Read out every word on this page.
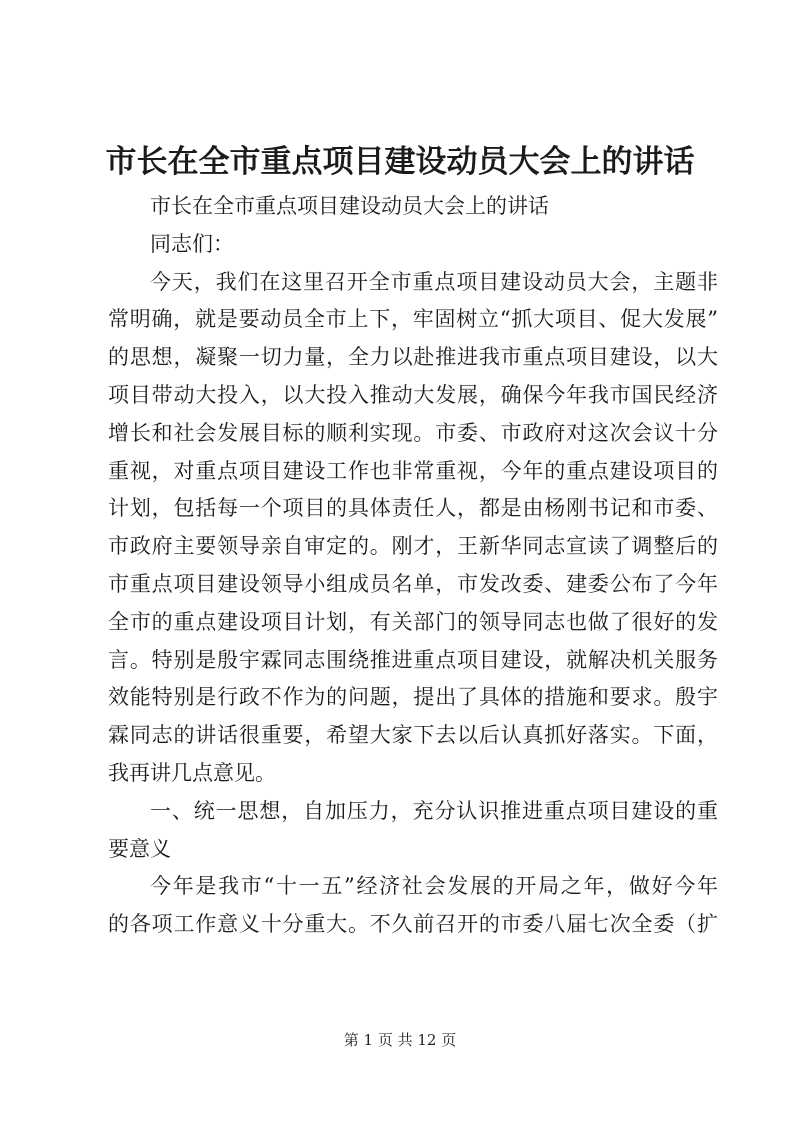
市长在全市重点项目建设动员大会上的讲话
市长在全市重点项目建设动员大会上的讲话
同志们：
今天，我们在这里召开全市重点项目建设动员大会，主题非
常明确，就是要动员全市上下，牢固树立“抓大项目、促大发展”
的思想，凝聚一切力量，全力以赴推进我市重点项目建设，以大
项目带动大投入，以大投入推动大发展，确保今年我市国民经济
增长和社会发展目标的顺利实现。市委、市政府对这次会议十分
重视，对重点项目建设工作也非常重视，今年的重点建设项目的
计划，包括每一个项目的具体责任人，都是由杨刚书记和市委、
市政府主要领导亲自审定的。刚才，王新华同志宣读了调整后的
市重点项目建设领导小组成员名单，市发改委、建委公布了今年
全市的重点建设项目计划，有关部门的领导同志也做了很好的发
言。特别是殷宇霖同志围绕推进重点项目建设，就解决机关服务
效能特别是行政不作为的问题，提出了具体的措施和要求。殷宇
霖同志的讲话很重要，希望大家下去以后认真抓好落实。下面，
我再讲几点意见。
一、统一思想，自加压力，充分认识推进重点项目建设的重
要意义
今年是我市“十一五”经济社会发展的开局之年，做好今年
的各项工作意义十分重大。不久前召开的市委八届七次全委（扩
第 1 页 共 12 页
